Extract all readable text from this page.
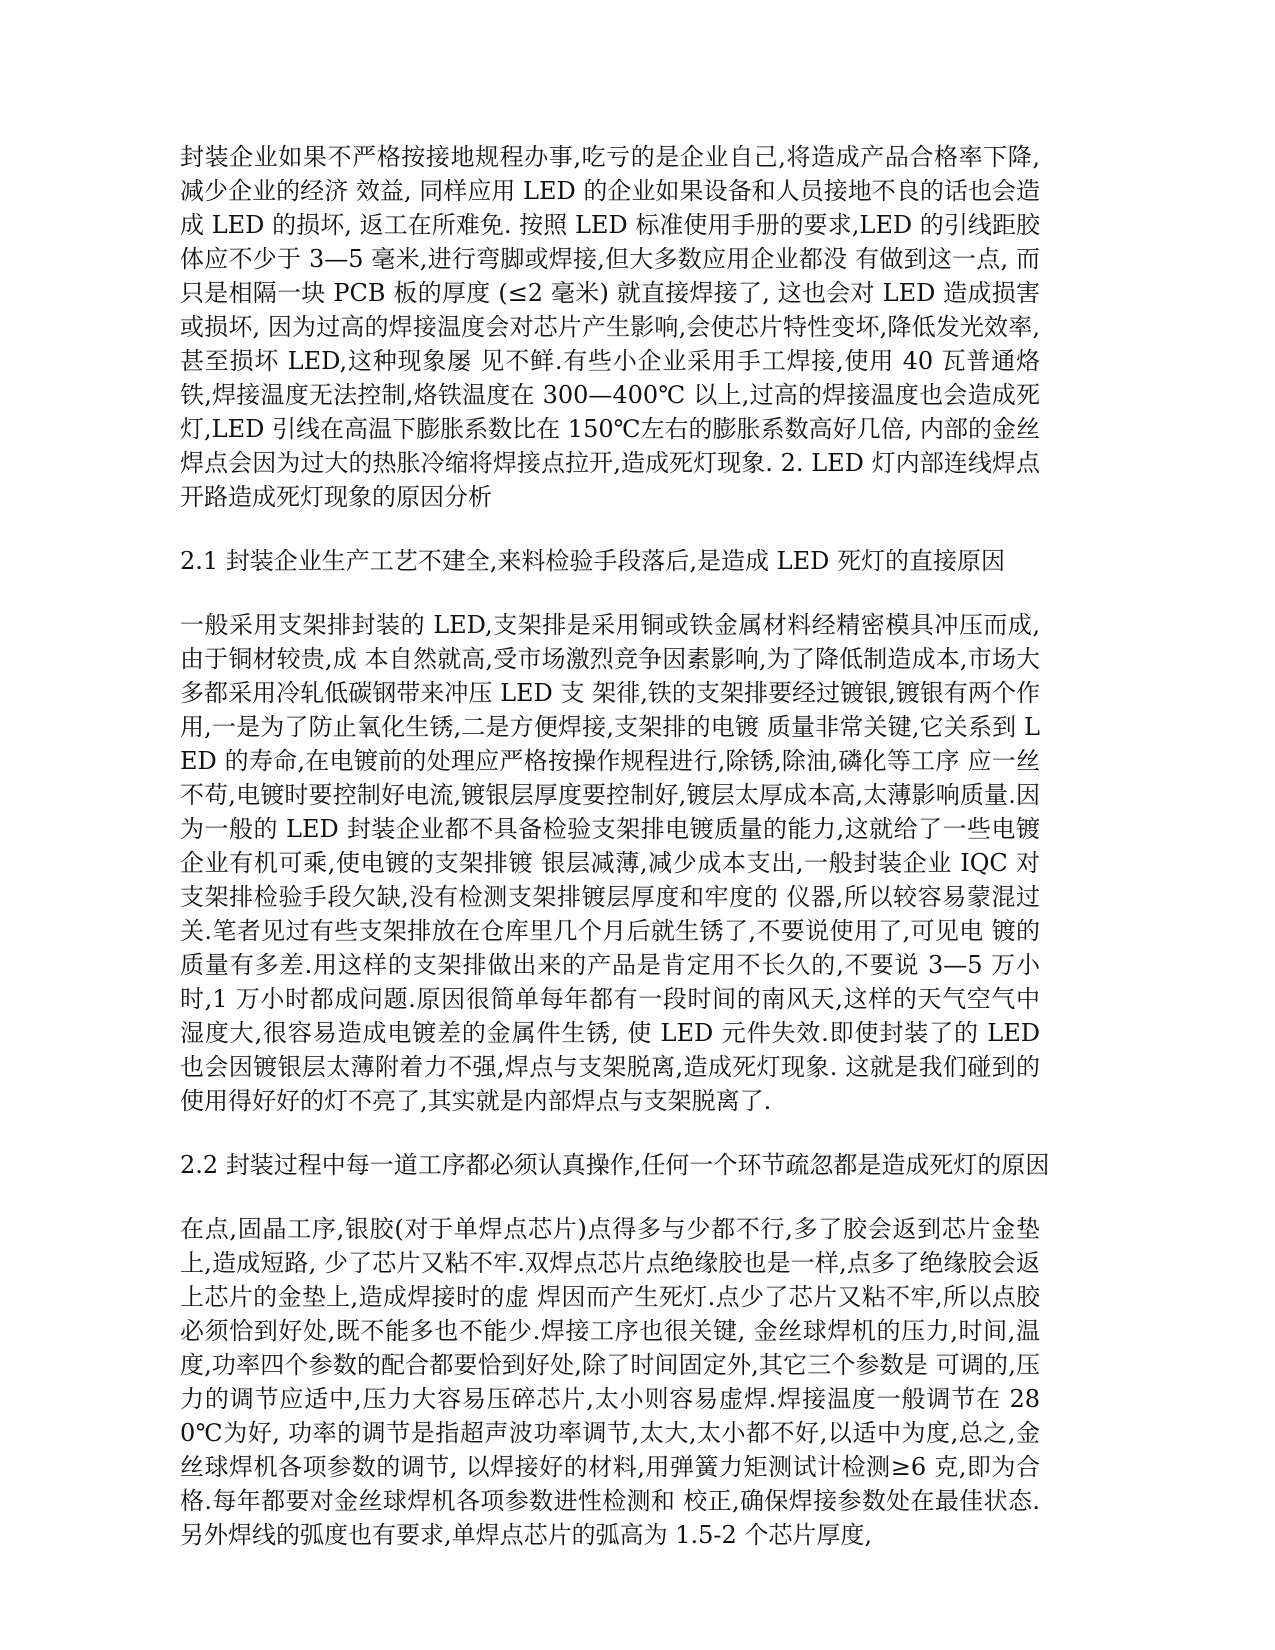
封装企业如果不严格按接地规程办事,吃亏的是企业自己,将造成产品合格率下降,减少企业的经济 效益, 同样应用 LED 的企业如果设备和人员接地不良的话也会造成 LED 的损坏, 返工在所难免. 按照 LED 标准使用手册的要求,LED 的引线距胶体应不少于 3—5 毫米,进行弯脚或焊接,但大多数应用企业都没 有做到这一点, 而只是相隔一块 PCB 板的厚度 (≤2 毫米) 就直接焊接了, 这也会对 LED 造成损害或损坏, 因为过高的焊接温度会对芯片产生影响,会使芯片特性变坏,降低发光效率,甚至损坏 LED,这种现象屡 见不鲜.有些小企业采用手工焊接,使用 40 瓦普通烙铁,焊接温度无法控制,烙铁温度在 300—400℃ 以上,过高的焊接温度也会造成死灯,LED 引线在高温下膨胀系数比在 150℃左右的膨胀系数高好几倍, 内部的金丝焊点会因为过大的热胀冷缩将焊接点拉开,造成死灯现象. 2. LED 灯内部连线焊点开路造成死灯现象的原因分析

2.1 封装企业生产工艺不建全,来料检验手段落后,是造成 LED 死灯的直接原因

一般采用支架排封装的 LED,支架排是采用铜或铁金属材料经精密模具冲压而成,由于铜材较贵,成 本自然就高,受市场激烈竞争因素影响,为了降低制造成本,市场大多都采用冷轧低碳钢带来冲压 LED 支 架徘,铁的支架排要经过镀银,镀银有两个作用,一是为了防止氧化生锈,二是方便焊接,支架排的电镀 质量非常关键,它关系到 LED 的寿命,在电镀前的处理应严格按操作规程进行,除锈,除油,磷化等工序 应一丝不苟,电镀时要控制好电流,镀银层厚度要控制好,镀层太厚成本高,太薄影响质量.因为一般的 LED 封装企业都不具备检验支架排电镀质量的能力,这就给了一些电镀企业有机可乘,使电镀的支架排镀 银层减薄,减少成本支出,一般封装企业 IQC 对支架排检验手段欠缺,没有检测支架排镀层厚度和牢度的 仪器,所以较容易蒙混过关.笔者见过有些支架排放在仓库里几个月后就生锈了,不要说使用了,可见电 镀的质量有多差.用这样的支架排做出来的产品是肯定用不长久的,不要说 3—5 万小时,1 万小时都成问题.原因很简单每年都有一段时间的南风天,这样的天气空气中湿度大,很容易造成电镀差的金属件生锈, 使 LED 元件失效.即使封装了的 LED 也会因镀银层太薄附着力不强,焊点与支架脱离,造成死灯现象. 这就是我们碰到的使用得好好的灯不亮了,其实就是内部焊点与支架脱离了.

2.2 封装过程中每一道工序都必须认真操作,任何一个环节疏忽都是造成死灯的原因

在点,固晶工序,银胶(对于单焊点芯片)点得多与少都不行,多了胶会返到芯片金垫上,造成短路, 少了芯片又粘不牢.双焊点芯片点绝缘胶也是一样,点多了绝缘胶会返上芯片的金垫上,造成焊接时的虚 焊因而产生死灯.点少了芯片又粘不牢,所以点胶必须恰到好处,既不能多也不能少.焊接工序也很关键, 金丝球焊机的压力,时间,温度,功率四个参数的配合都要恰到好处,除了时间固定外,其它三个参数是 可调的,压力的调节应适中,压力大容易压碎芯片,太小则容易虚焊.焊接温度一般调节在 280℃为好, 功率的调节是指超声波功率调节,太大,太小都不好,以适中为度,总之,金丝球焊机各项参数的调节, 以焊接好的材料,用弹簧力矩测试计检测≥6 克,即为合格.每年都要对金丝球焊机各项参数进性检测和 校正,确保焊接参数处在最佳状态.另外焊线的弧度也有要求,单焊点芯片的弧高为 1.5-2 个芯片厚度,
